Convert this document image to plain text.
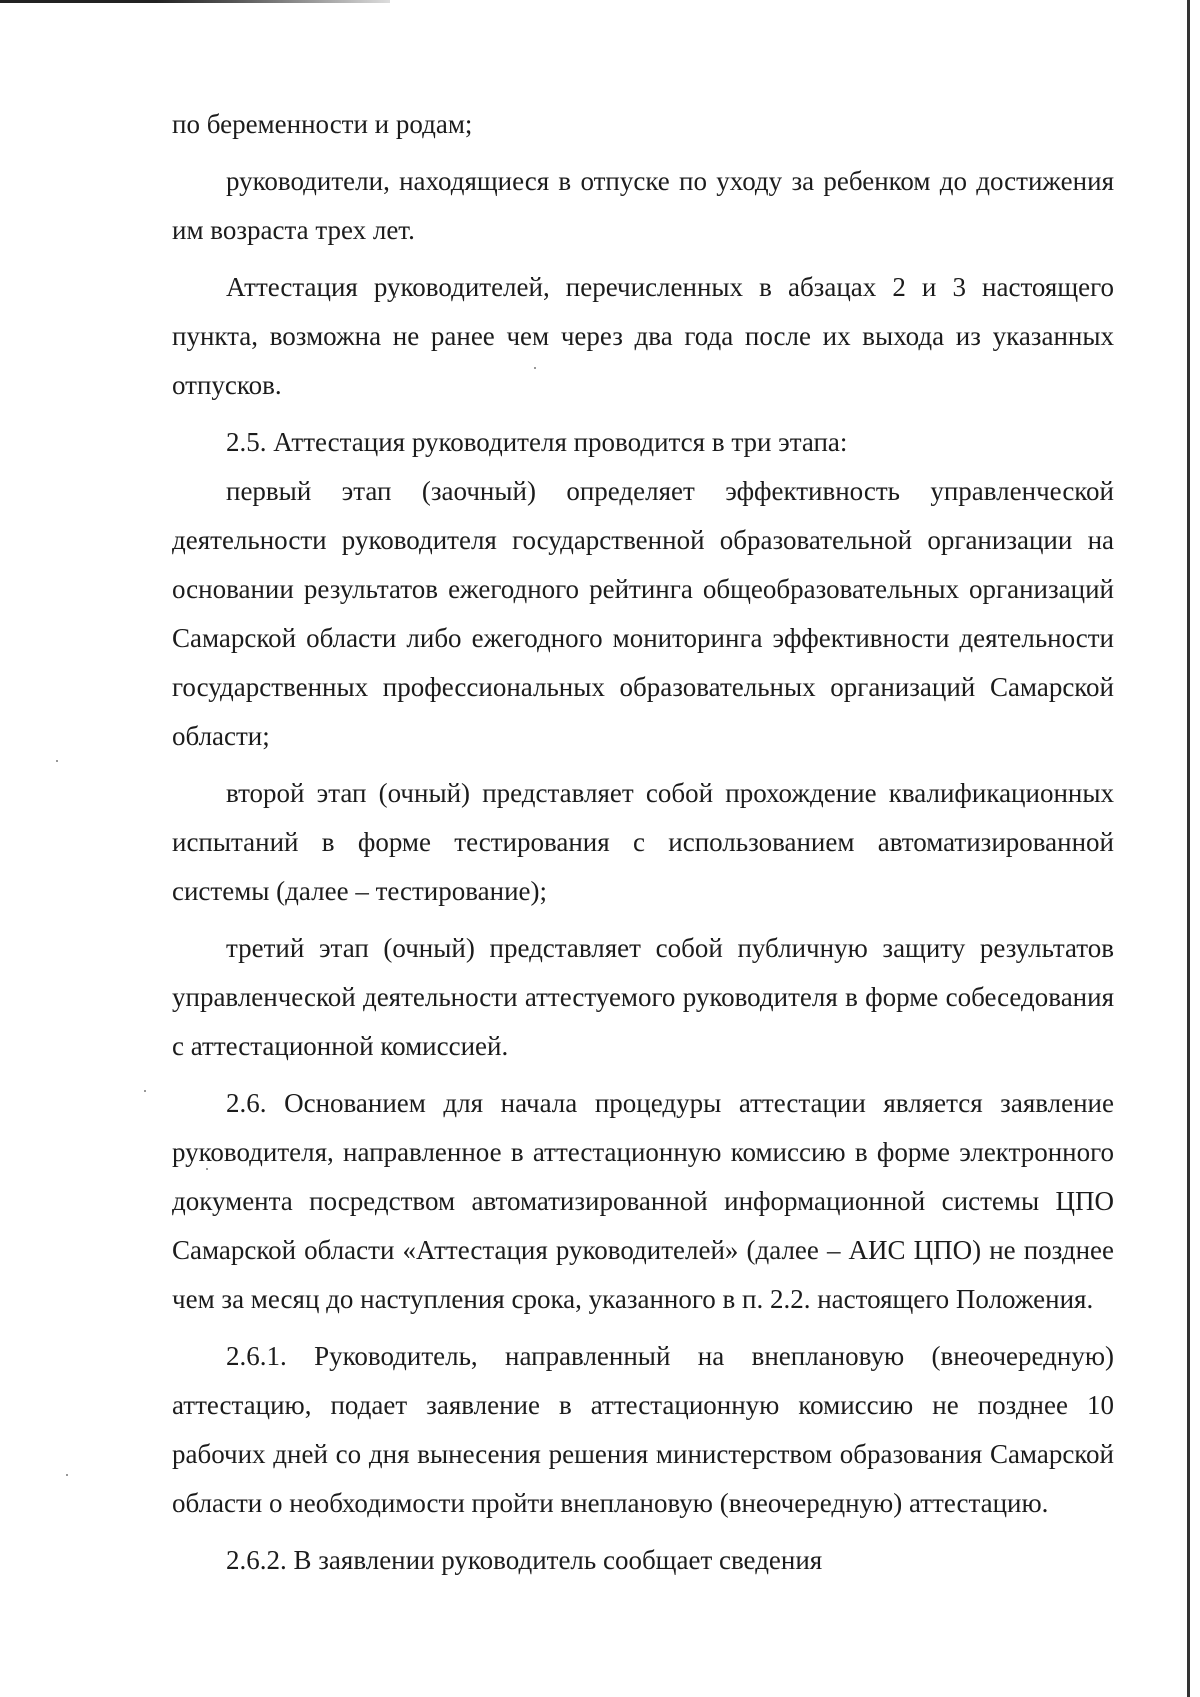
по беременности и родам;

руководители, находящиеся в отпуске по уходу за ребенком до достижения им возраста трех лет.

Аттестация руководителей, перечисленных в абзацах 2 и 3 настоящего пункта, возможна не ранее чем через два года после их выхода из указанных отпусков.

2.5. Аттестация руководителя проводится в три этапа:

первый этап (заочный) определяет эффективность управленческой деятельности руководителя государственной образовательной организации на основании результатов ежегодного рейтинга общеобразовательных организаций Самарской области либо ежегодного мониторинга эффективности деятельности государственных профессиональных образовательных организаций Самарской области;

второй этап (очный) представляет собой прохождение квалификационных испытаний в форме тестирования с использованием автоматизированной системы (далее – тестирование);

третий этап (очный) представляет собой публичную защиту результатов управленческой деятельности аттестуемого руководителя в форме собеседования с аттестационной комиссией.

2.6. Основанием для начала процедуры аттестации является заявление руководителя, направленное в аттестационную комиссию в форме электронного документа посредством автоматизированной информационной системы ЦПО Самарской области «Аттестация руководителей» (далее – АИС ЦПО) не позднее чем за месяц до наступления срока, указанного в п. 2.2. настоящего Положения.

2.6.1. Руководитель, направленный на внеплановую (внеочередную) аттестацию, подает заявление в аттестационную комиссию не позднее 10 рабочих дней со дня вынесения решения министерством образования Самарской области о необходимости пройти внеплановую (внеочередную) аттестацию.

2.6.2. В заявлении руководитель сообщает сведения
